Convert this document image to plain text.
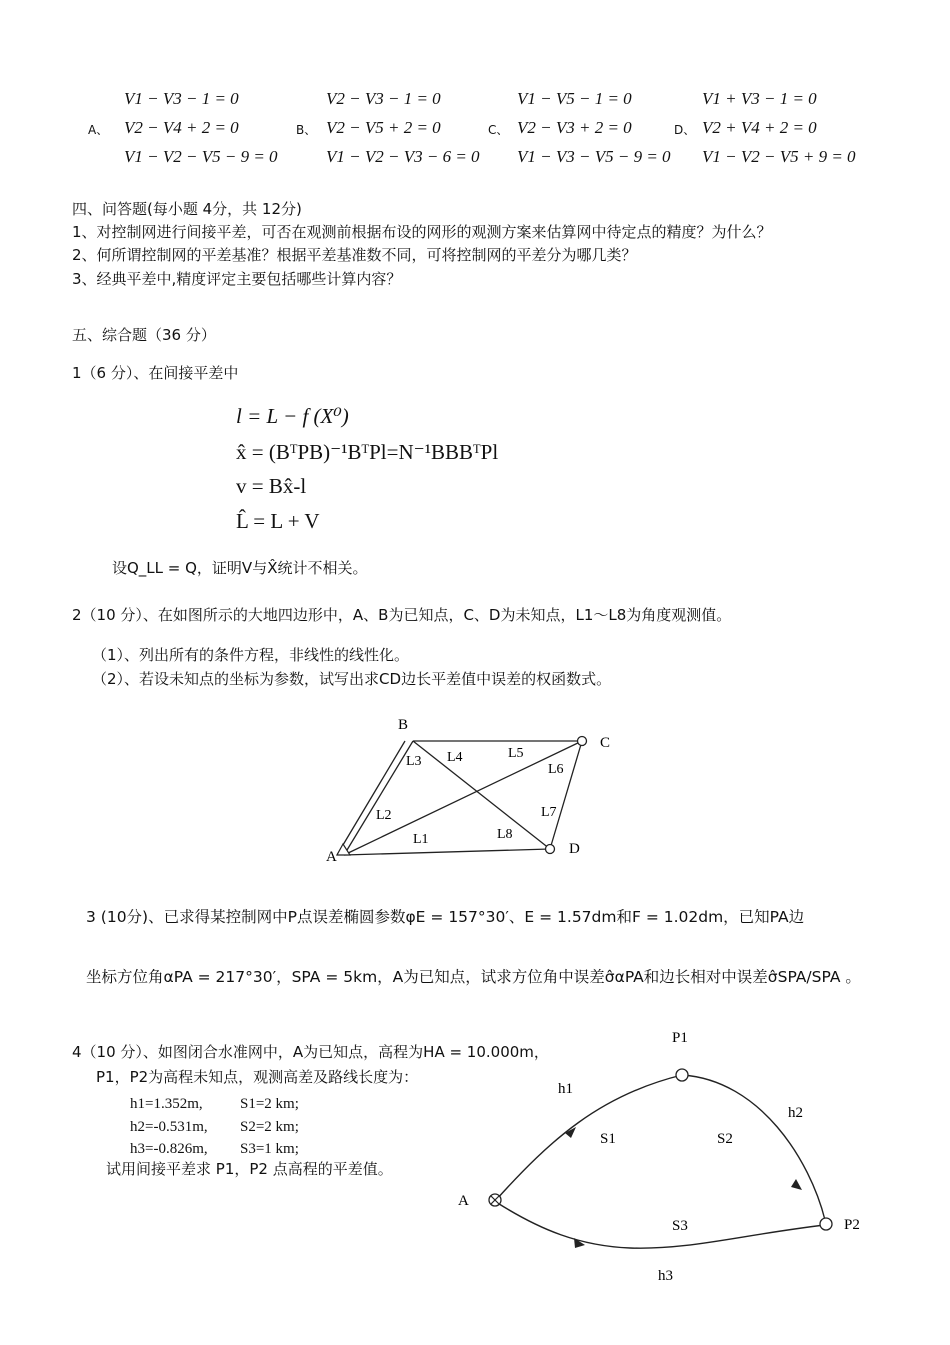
A、
V1 − V3 − 1 = 0
V2 − V4 + 2 = 0
V1 − V2 − V5 − 9 = 0
B、
V2 − V3 − 1 = 0
V2 − V5 + 2 = 0
V1 − V2 − V3 − 6 = 0
C、
V1 − V5 − 1 = 0
V2 − V3 + 2 = 0
V1 − V3 − V5 − 9 = 0
D、
V1 + V3 − 1 = 0
V2 + V4 + 2 = 0
V1 − V2 − V5 + 9 = 0
四、问答题(每小题 4分，共 12分)
1、对控制网进行间接平差，可否在观测前根据布设的网形的观测方案来估算网中待定点的精度？为什么？
2、何所谓控制网的平差基准？根据平差基准数不同，可将控制网的平差分为哪几类？
3、经典平差中,精度评定主要包括哪些计算内容？
五、综合题（36 分）
1（6 分）、在间接平差中
l = L − f (X⁰)
x̂ = (BᵀPB)⁻¹BᵀPl=N⁻¹BBBᵀPl
v = Bx̂-l
L̂ = L + V
设Q_LL = Q，证明V与X̂统计不相关。
2（10 分）、在如图所示的大地四边形中，A、B为已知点，C、D为未知点，L1～L8为角度观测值。
（1）、列出所有的条件方程，非线性的线性化。
（2）、若设未知点的坐标为参数，试写出求CD边长平差值中误差的权函数式。
B
C
D
A
L3 L4	L5
L6
L2	L7
L1	L8
3 (10分)、已求得某控制网中P点误差椭圆参数φE = 157°30′、E = 1.57dm和F = 1.02dm，已知PA边
坐标方位角αPA = 217°30′，SPA = 5km，A为已知点，试求方位角中误差σ̂αPA和边长相对中误差σ̂SPA/SPA 。
4（10 分）、如图闭合水准网中，A为已知点，高程为HA = 10.000m，
P1，P2为高程未知点，观测高差及路线长度为：
h1=1.352m, S1=2 km;
h2=-0.531m, S2=2 km;
h3=-0.826m, S3=1 km;
试用间接平差求 P1，P2 点高程的平差值。
P1
P2
A
h1
h2
h3
S1	S2
S3
